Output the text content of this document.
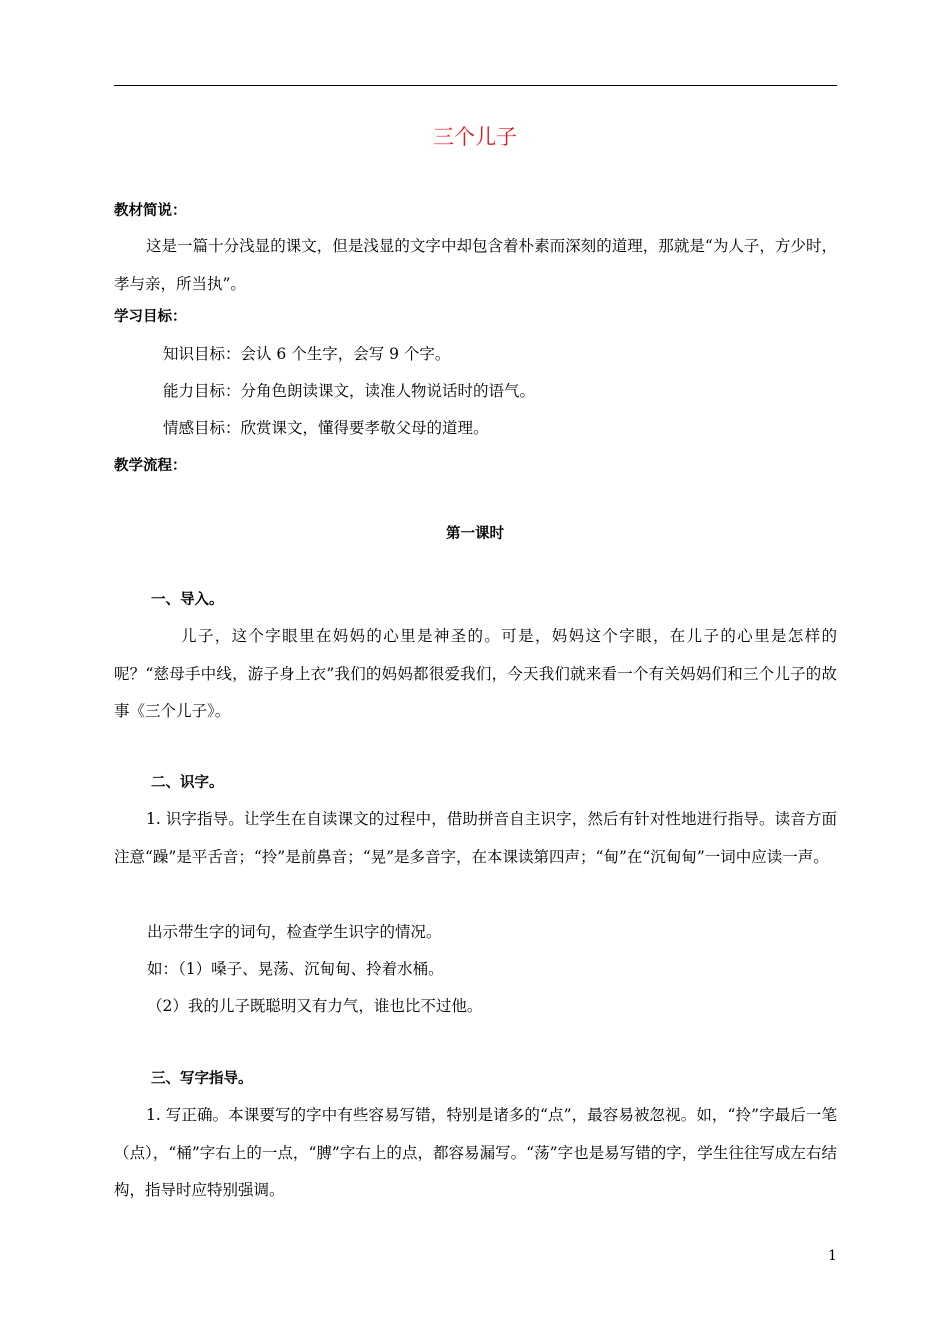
三个儿子
教材简说：
这是一篇十分浅显的课文，但是浅显的文字中却包含着朴素而深刻的道理，那就是“为人子，方少时，孝与亲，所当执”。
学习目标：
知识目标：会认 6 个生字，会写 9 个字。
能力目标：分角色朗读课文，读准人物说话时的语气。
情感目标：欣赏课文，懂得要孝敬父母的道理。
教学流程：
第一课时
一、导入。
儿子，这个字眼里在妈妈的心里是神圣的。可是，妈妈这个字眼，在儿子的心里是怎样的呢？“慈母手中线，游子身上衣”我们的妈妈都很爱我们，今天我们就来看一个有关妈妈们和三个儿子的故事《三个儿子》。
二、识字。
1. 识字指导。让学生在自读课文的过程中，借助拼音自主识字，然后有针对性地进行指导。读音方面注意“躁”是平舌音；“拎”是前鼻音；“晃”是多音字，在本课读第四声；“甸”在“沉甸甸”一词中应读一声。
出示带生字的词句，检查学生识字的情况。
如：（1）嗓子、晃荡、沉甸甸、拎着水桶。
（2）我的儿子既聪明又有力气，谁也比不过他。
三、写字指导。
1. 写正确。本课要写的字中有些容易写错，特别是诸多的“点”，最容易被忽视。如，“拎”字最后一笔（点），“桶”字右上的一点，“膊”字右上的点，都容易漏写。“荡”字也是易写错的字，学生往往写成左右结构，指导时应特别强调。
1
